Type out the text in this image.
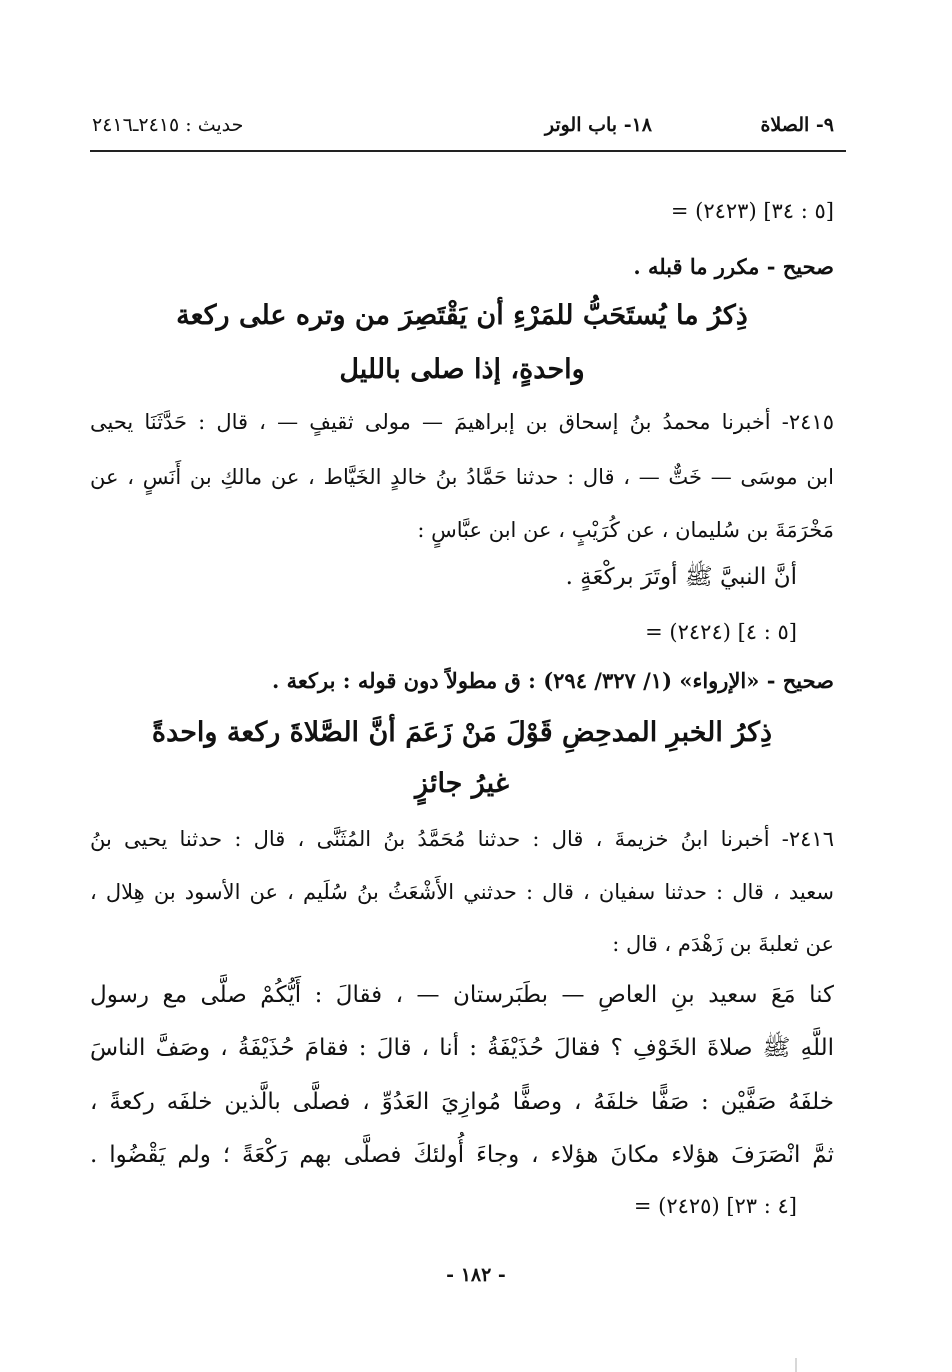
٩- الصلاة
١٨- باب الوتر
حديث : ٢٤١٥ـ٢٤١٦
= (٢٤٢٣) [٥ : ٣٤]
صحيح - مكرر ما قبله .
ذِكرُ ما يُستَحَبُّ للمَرْءِ أن يَقْتَصِرَ من وتره على ركعة
واحدةٍ، إذا صلى بالليل
٢٤١٥- أخبرنا محمدُ بنُ إسحاق بن إبراهيمَ — مولى ثقيفٍ — ، قال : حَدَّثَنَا يحيى
ابن موسَى — خَتٌّ — ، قال : حدثنا حَمَّادُ بنُ خالدٍ الخَيَّاط ، عن مالكِ بن أَنَسٍ ، عن
مَخْرَمَةَ بن سُليمان ، عن كُرَيْبٍ ، عن ابن عبَّاسٍ :
أنَّ النبيَّ ﷺ أوتَرَ بركْعَةٍ .
= (٢٤٢٤) [٥ : ٤]
صحيح - «الإرواء» (١/ ٣٢٧/ ٢٩٤) : ق مطولاً دون قوله : بركعة .
ذِكرُ الخبرِ المدحِضِ قَوْلَ مَنْ زَعَمَ أنَّ الصَّلاةَ ركعة واحدةً
غيرُ جائزٍ
٢٤١٦- أخبرنا ابنُ خزيمةَ ، قال : حدثنا مُحَمَّدُ بنُ المُثَنَّى ، قال : حدثنا يحيى بنُ
سعيد ، قال : حدثنا سفيان ، قال : حدثني الأَشْعَثُ بنُ سُلَيم ، عن الأسود بن هِلال ،
عن ثعلبةَ بن زَهْدَم ، قال :
كنا مَعَ سعيد بنِ العاصِ — بطَبَرستان — ، فقالَ : أَيُّكُمْ صلَّى مع رسول
اللَّهِ ﷺ صلاةَ الخَوْفِ ؟ فقالَ حُذَيْفَةُ : أنا ، قالَ : فقامَ حُذَيْفَةُ ، وصَفَّ الناسَ
خلفَهُ صَفَّيْن : صَفًّا خلفَهُ ، وصفًّا مُوازِيَ العَدُوِّ ، فصلَّى بالَّذين خلفَه ركعةً ،
ثمَّ انْصَرَفَ هؤلاء مكانَ هؤلاء ، وجاءَ أُولئكَ فصلَّى بهم رَكْعَةً ؛ ولم يَقْضُوا .
= (٢٤٢٥) [٤ : ٢٣]
- ١٨٢ -
